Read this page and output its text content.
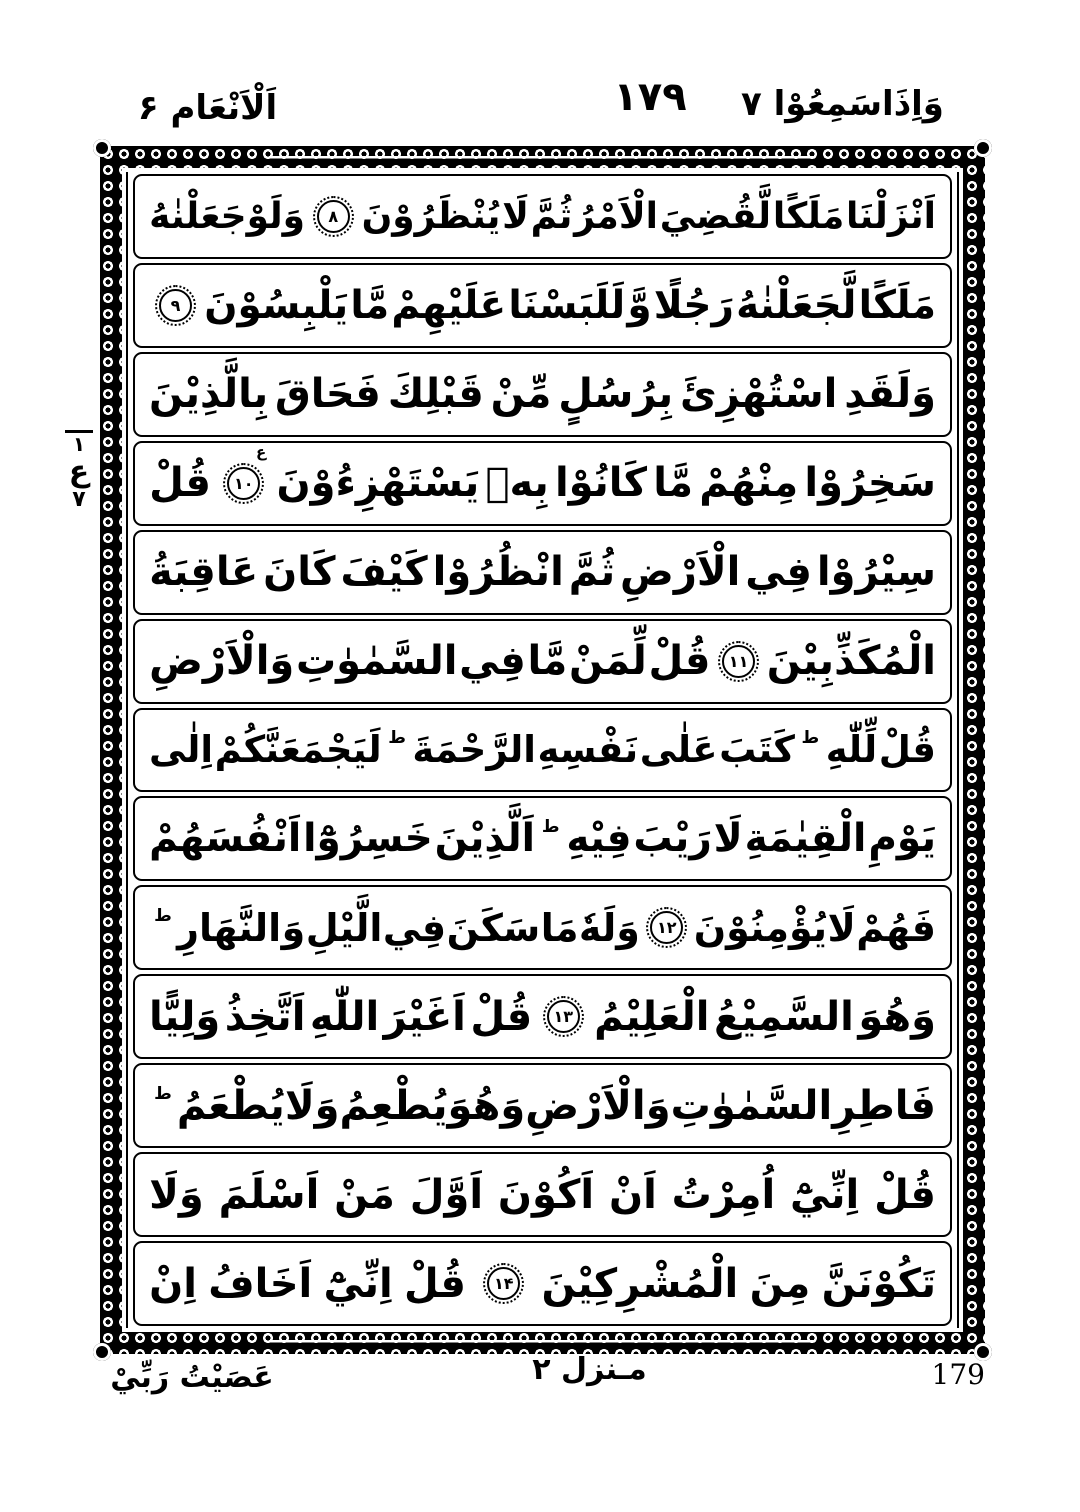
اَلْاَنْعَام ۶	۱۷۹	وَاِذَاسَمِعُوْا ۷
۱
ع
۷
اَنْزَلْنَا
مَلَكًا
لَّقُضِيَ
الْاَمْرُ
ثُمَّ
لَا
يُنْظَرُوْنَ
۸
وَلَوْجَعَلْنٰهُ
مَلَكًا
لَّجَعَلْنٰهُ
رَجُلًا
وَّ
لَلَبَسْنَا
عَلَيْهِمْ
مَّا
يَلْبِسُوْنَ
۹
وَلَقَدِ
اسْتُهْزِئَ
بِرُسُلٍ
مِّنْ
قَبْلِكَ
فَحَاقَ
بِالَّذِيْنَ
سَخِرُوْا
مِنْهُمْ
مَّا
كَانُوْا
بِهٖ
يَسْتَهْزِءُوْنَ
۱۰
ع
قُلْ
سِيْرُوْا
فِي
الْاَرْضِ
ثُمَّ
انْظُرُوْا
كَيْفَ
كَانَ
عَاقِبَةُ
الْمُكَذِّبِيْنَ
۱۱
قُلْ
لِّمَنْ
مَّا
فِي
السَّمٰوٰتِ
وَالْاَرْضِ
قُلْ
لِّلّٰهِ
ط
كَتَبَ
عَلٰى
نَفْسِهِ
الرَّحْمَةَ
ط
لَيَجْمَعَنَّكُمْ
اِلٰى
يَوْمِ
الْقِيٰمَةِ
لَا
رَيْبَ
فِيْهِ
ط
اَلَّذِيْنَ
خَسِرُوْٓا
اَنْفُسَهُمْ
فَهُمْ
لَا
يُؤْمِنُوْنَ
۱۲
وَلَهٗ
مَا
سَكَنَ
فِي
الَّيْلِ
وَ
النَّهَارِ
ط
وَهُوَ
السَّمِيْعُ
الْعَلِيْمُ
۱۳
قُلْ
اَغَيْرَ
اللّٰهِ
اَتَّخِذُ
وَلِيًّا
فَاطِرِ
السَّمٰوٰتِ
وَ
الْاَرْضِ
وَهُوَ
يُطْعِمُ
وَلَا
يُطْعَمُ
ط
قُلْ
اِنِّيْٓ
اُمِرْتُ
اَنْ
اَكُوْنَ
اَوَّلَ
مَنْ
اَسْلَمَ
وَلَا
تَكُوْنَنَّ
مِنَ
الْمُشْرِكِيْنَ
۱۴
قُلْ
اِنِّيْٓ
اَخَافُ
اِنْ
عَصَيْتُ رَبِّيْ	مـنزل ۲	179
